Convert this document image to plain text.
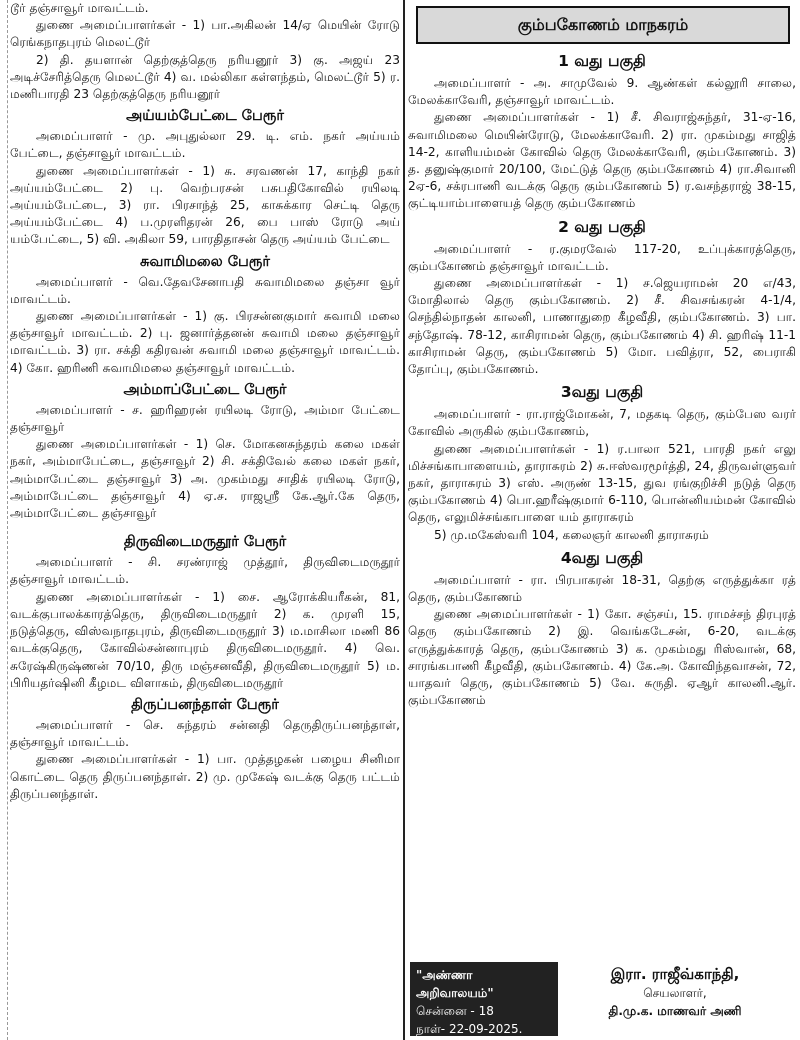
டூர் தஞ்சாவூர் மாவட்டம்.

துணை அமைப்பாளர்கள் - 1) பா.அகிலன் 14/ஏ மெயின் ரோடு ரெங்கநாதபுரம் மெலட்டூர்

2) தி. தயளான் தெற்குத்தெரு நரியனூர் 3) கு. அஜய் 23 அடிச்சேரித்தெரு மெலட்டூர் 4) வ. மல்லிகா கள்ளந்தம், மெலட்டூர் 5) ர. மணிபாரதி 23 தெற்குத்தெரு நரியனூர்

அய்யம்பேட்டை பேரூர்

அமைப்பாளர் - மு. அபுதுல்லா 29. டி. எம். நகர் அய்யம் பேட்டை, தஞ்சாவூர் மாவட்டம்.

துணை அமைப்பாளர்கள் - 1) சு. சரவணன் 17, காந்தி நகர் அய்யம்பேட்டை 2) பு. வெற்பரசன் பசுபதிகோவில் ரயிலடி அய்யம்பேட்டை, 3) ரா. பிரசாந்த் 25, காசுக்கார செட்டி தெரு அய்யம்பேட்டை 4) ப.முரளிதரன் 26, பை பாஸ் ரோடு அய் யம்பேட்டை, 5) வி. அகிலா 59, பாரதிதாசன் தெரு அய்யம் பேட்டை

சுவாமிமலை பேரூர்

அமைப்பாளர் - வெ.தேவசேனாபதி சுவாமிமலை தஞ்சா வூர் மாவட்டம்.

துணை அமைப்பாளர்கள் - 1) கு. பிரசன்னகுமார் சுவாமி மலை தஞ்சாவூர் மாவட்டம். 2) பு. ஜனார்த்தனன் சுவாமி மலை தஞ்சாவூர் மாவட்டம். 3) ரா. சக்தி கதிரவன் சுவாமி மலை தஞ்சாவூர் மாவட்டம். 4) கோ. ஹரிணி சுவாமிமலை தஞ்சாவூர் மாவட்டம்.

அம்மாப்பேட்டை பேரூர்

அமைப்பாளர் - ச. ஹரிஹரன் ரயிலடி ரோடு, அம்மா பேட்டை தஞ்சாவூர்

துணை அமைப்பாளர்கள் - 1) செ. மோகனசுந்தரம் கலை மகள் நகர், அம்மாபேட்டை, தஞ்சாவூர் 2) சி. சக்திவேல் கலை மகள் நகர், அம்மாபேட்டை தஞ்சாவூர் 3) அ. முகம்மது சாதிக் ரயிலடி ரோடு, அம்மாபேட்டை தஞ்சாவூர் 4) ஏ.ச. ராஜஸ்ரீ கே.ஆர்.கே தெரு, அம்மாபேட்டை தஞ்சாவூர்

திருவிடைமருதூர் பேரூர்

அமைப்பாளர் - சி. சரண்ராஜ் முத்தூர், திருவிடைமருதூர் தஞ்சாவூர் மாவட்டம்.

துணை அமைப்பாளர்கள் - 1) சை. ஆரோக்கியரீகன், 81, வடக்குபாலக்காரத்தெரு, திருவிடைமருதூர் 2) க. முரளி 15, நடுத்தெரு, விஸ்வநாதபுரம், திருவிடைமருதூர் 3) ம.மாசிலா மணி 86 வடக்குதெரு, கோவில்சன்னாபுரம் திருவிடைமருதூர். 4) வெ. சுரேஷ்கிருஷ்ணன் 70/10, திரு மஞ்சனவீதி, திருவிடைமருதூர் 5) ம. பிரியதர்ஷினி கீழமட விளாகம், திருவிடைமருதூர்

திருப்பனந்தாள் பேரூர்

அமைப்பாளர் - செ. சுந்தரம் சன்னதி தெருதிருப்பனந்தாள், தஞ்சாவூர் மாவட்டம்.

துணை அமைப்பாளர்கள் - 1) பா. முத்தழகன் பழைய சினிமா கொட்டை தெரு திருப்பனந்தாள். 2) மு. முகேஷ் வடக்கு தெரு பட்டம் திருப்பனந்தாள்.

கும்பகோணம் மாநகரம்
1 வது பகுதி

அமைப்பாளர் - அ. சாமுவேல் 9. ஆண்கள் கல்லூரி சாலை, மேலக்காவேரி, தஞ்சாவூர் மாவட்டம்.

துணை அமைப்பாளர்கள் - 1) சீ. சிவராஜ்சுந்தர், 31-ஏ-16, சுவாமிமலை மெயின்ரோடு, மேலக்காவேரி. 2) ரா. முகம்மது சாஜித் 14-2, காளியம்மன் கோவில் தெரு மேலக்காவேரி, கும்பகோணம். 3) த. தனுஷ்குமார் 20/100, மேட்டுத் தெரு கும்பகோணம் 4) ரா.சிவானி 2ஏ-6, சக்ரபாணி வடக்கு தெரு கும்பகோணம் 5) ர.வசந்தராஜ் 38-15, குட்டியாம்பாளையத் தெரு கும்பகோணம்

2 வது பகுதி

அமைப்பாளர் - ர.குமரவேல் 117-20, உப்புக்காரத்தெரு, கும்பகோணம் தஞ்சாவூர் மாவட்டம்.

துணை அமைப்பாளர்கள் - 1) ச.ஜெயராமன் 20 எ/43, மோதிலால் தெரு கும்பகோணம். 2) சீ. சிவசங்கரன் 4-1/4, செந்தில்நாதன் காலனி, பாணாதுறை கீழவீதி, கும்பகோணம். 3) பா. சந்தோஷ். 78-12, காசிராமன் தெரு, கும்பகோணம் 4) சி. ஹரிஷ் 11-1 காசிராமன் தெரு, கும்பகோணம் 5) மோ. பவித்ரா, 52, பைராகி தோப்பு, கும்பகோணம்.

3வது பகுதி

அமைப்பாளர் - ரா.ராஜ்மோகன், 7, மதகடி தெரு, கும்பேஸ வரர் கோவில் அருகில் கும்பகோணம்,

துணை அமைப்பாளர்கள் - 1) ர.பாலா 521, பாரதி நகர் எலு மிச்சங்காபாளையம், தாராசுரம் 2) சு.ஈஸ்வரமூர்த்தி, 24, திருவள்ளுவர் நகர், தாராசுரம் 3) எஸ். அருண் 13-15, துவ ரங்குறிச்சி நடுத் தெரு கும்பகோணம் 4) பொ.ஹரீஷ்குமார் 6-110, பொன்னியம்மன் கோவில் தெரு, எலுமிச்சங்காபாளை யம் தாராசுரம்

5) மு.மகேஸ்வரி 104, கலைஞர் காலனி தாராசுரம்

4வது பகுதி

அமைப்பாளர் - ரா. பிரபாகரன் 18-31, தெற்கு எருத்துக்கா ரத் தெரு, கும்பகோணம்

துணை அமைப்பாளர்கள் - 1) கோ. சஞ்சய், 15. ராமச்சந் திரபுரத் தெரு கும்பகோணம் 2) இ. வெங்கடேசன், 6-20, வடக்கு எருத்துக்காரத் தெரு, கும்பகோணம் 3) க. முகம்மது ரிஸ்வான், 68, சாரங்கபாணி கீழவீதி, கும்பகோணம். 4) கே.அ. கோவிந்தவாசன், 72, யாதவர் தெரு, கும்பகோணம் 5) வே. சுருதி. ஏஆர் காலனி.ஆர். கும்பகோணம்

"அண்ணா அறிவாலயம்"
சென்னை - 18
நாள்- 22-09-2025.
இரா. ராஜீவ்காந்தி,
செயலாளர்,
தி.மு.க. மாணவர் அணி
